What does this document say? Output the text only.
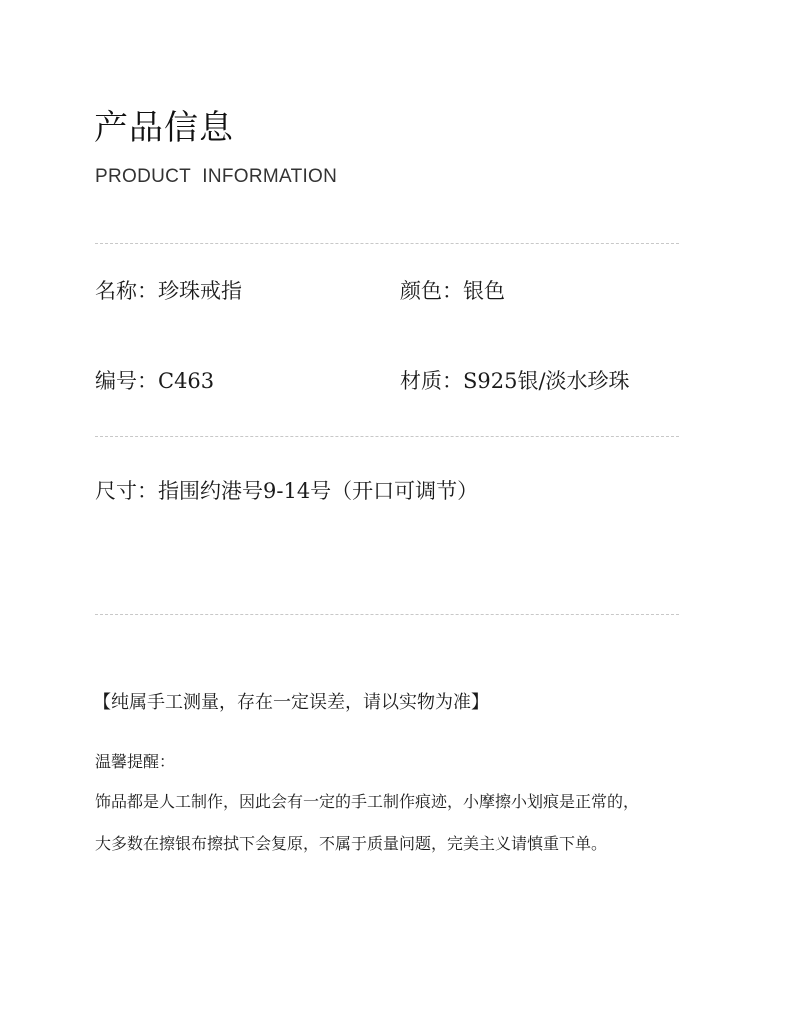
产品信息
PRODUCT INFORMATION
名称：珍珠戒指	颜色：银色
编号：C463	材质：S925银/淡水珍珠
尺寸：指围约港号9-14号（开口可调节）
【纯属手工测量，存在一定误差，请以实物为准】
温馨提醒：
饰品都是人工制作，因此会有一定的手工制作痕迹，小摩擦小划痕是正常的，
大多数在擦银布擦拭下会复原，不属于质量问题，完美主义请慎重下单。
